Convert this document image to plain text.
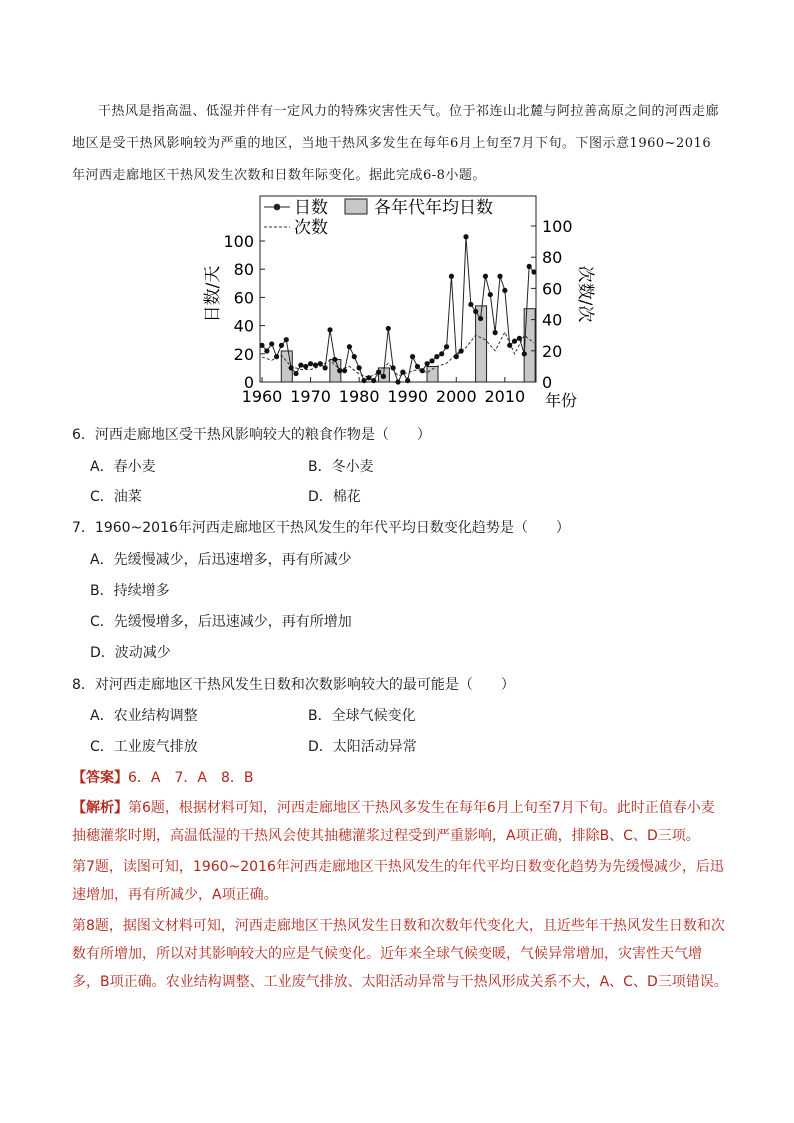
干热风是指高温、低湿并伴有一定风力的特殊灾害性天气。位于祁连山北麓与阿拉善高原之间的河西走廊地区是受干热风影响较为严重的地区，当地干热风多发生在每年6月上旬至7月下旬。下图示意1960~2016年河西走廊地区干热风发生次数和日数年际变化。据此完成6-8小题。

1960 1970 1980 1990 2000 2010
0
20
40
60
80
100
0
20
40
60
80
100
日数	各年代年均日数
次数
日数/天	次数/次
年份

6．河西走廊地区受干热风影响较大的粮食作物是（　　）

A．春小麦	B．冬小麦

C．油菜	D．棉花

7．1960~2016年河西走廊地区干热风发生的年代平均日数变化趋势是（　　）

A．先缓慢减少，后迅速增多，再有所减少

B．持续增多

C．先缓慢增多，后迅速减少，再有所增加

D．波动减少

8．对河西走廊地区干热风发生日数和次数影响较大的最可能是（　　）

A．农业结构调整	B．全球气候变化

C．工业废气排放	D．太阳活动异常

【答案】6．A　7．A　8．B

【解析】第6题，根据材料可知，河西走廊地区干热风多发生在每年6月上旬至7月下旬。此时正值春小麦抽穗灌浆时期，高温低湿的干热风会使其抽穗灌浆过程受到严重影响，A项正确，排除B、C、D三项。

第7题，读图可知，1960~2016年河西走廊地区干热风发生的年代平均日数变化趋势为先缓慢减少，后迅速增加，再有所减少，A项正确。

第8题，据图文材料可知，河西走廊地区干热风发生日数和次数年代变化大，且近些年干热风发生日数和次数有所增加，所以对其影响较大的应是气候变化。近年来全球气候变暖，气候异常增加，灾害性天气增多，B项正确。农业结构调整、工业废气排放、太阳活动异常与干热风形成关系不大，A、C、D三项错误。
